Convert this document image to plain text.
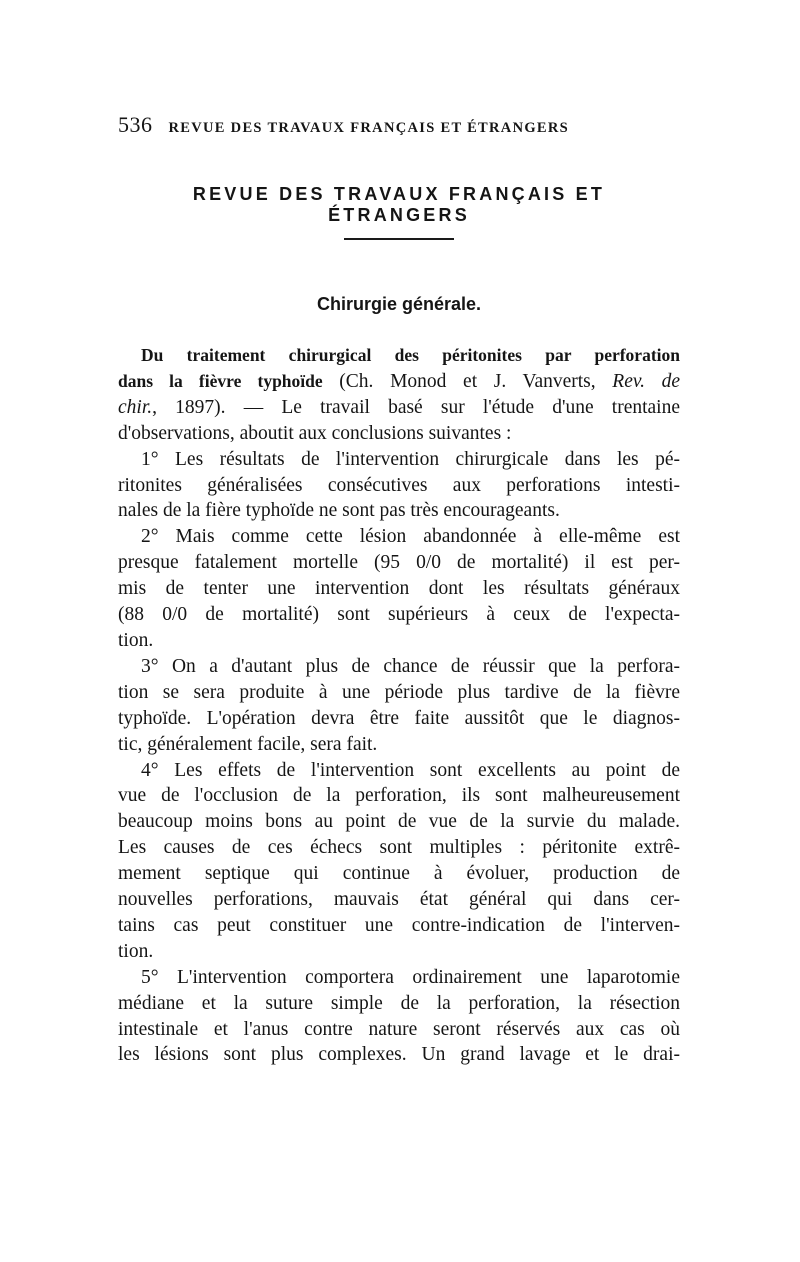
536 REVUE DES TRAVAUX FRANÇAIS ET ÉTRANGERS
REVUE DES TRAVAUX FRANÇAIS ET ÉTRANGERS
Chirurgie générale.

Du traitement chirurgical des péritonites par perforation

dans la fièvre typhoïde (Ch. Monod et J. Vanverts, Rev. de

chir., 1897). — Le travail basé sur l'étude d'une trentaine

d'observations, aboutit aux conclusions suivantes :

1° Les résultats de l'intervention chirurgicale dans les pé-

ritonites généralisées consécutives aux perforations intesti-

nales de la fière typhoïde ne sont pas très encourageants.

2° Mais comme cette lésion abandonnée à elle-même est

presque fatalement mortelle (95 0/0 de mortalité) il est per-

mis de tenter une intervention dont les résultats généraux

(88 0/0 de mortalité) sont supérieurs à ceux de l'expecta-

tion.

3° On a d'autant plus de chance de réussir que la perfora-

tion se sera produite à une période plus tardive de la fièvre

typhoïde. L'opération devra être faite aussitôt que le diagnos-

tic, généralement facile, sera fait.

4° Les effets de l'intervention sont excellents au point de

vue de l'occlusion de la perforation, ils sont malheureusement

beaucoup moins bons au point de vue de la survie du malade.

Les causes de ces échecs sont multiples : péritonite extrê-

mement septique qui continue à évoluer, production de

nouvelles perforations, mauvais état général qui dans cer-

tains cas peut constituer une contre-indication de l'interven-

tion.

5° L'intervention comportera ordinairement une laparotomie

médiane et la suture simple de la perforation, la résection

intestinale et l'anus contre nature seront réservés aux cas où

les lésions sont plus complexes. Un grand lavage et le drai-
